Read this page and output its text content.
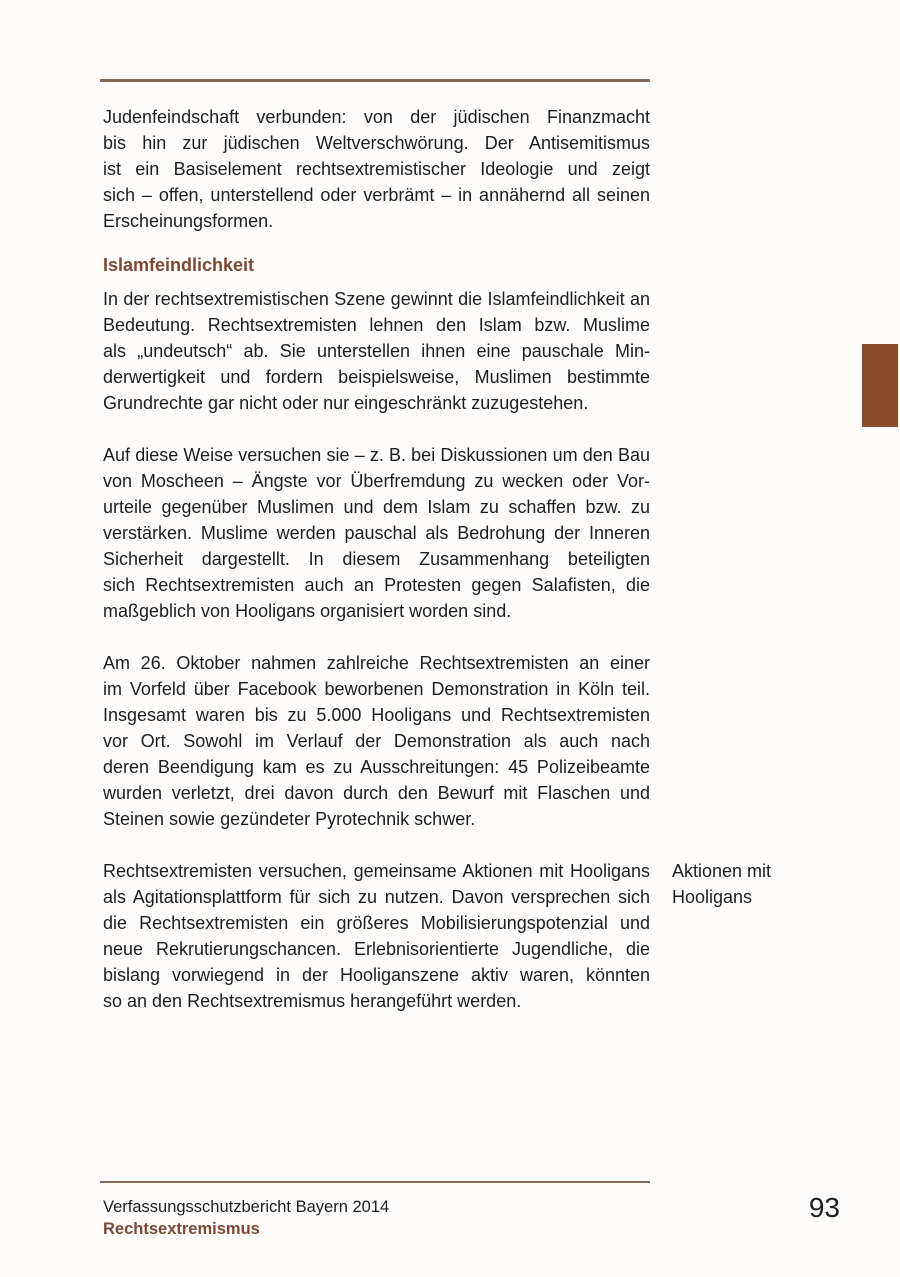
Judenfeindschaft verbunden: von der jüdischen Finanzmacht
bis hin zur jüdischen Weltverschwörung. Der Antisemitismus
ist ein Basiselement rechtsextremistischer Ideologie und zeigt
sich – offen, unterstellend oder verbrämt – in annähernd all seinen
Erscheinungsformen.
Islamfeindlichkeit
In der rechtsextremistischen Szene gewinnt die Islamfeindlichkeit an
Bedeutung. Rechtsextremisten lehnen den Islam bzw. Muslime
als „undeutsch“ ab. Sie unterstellen ihnen eine pauschale Min-
derwertigkeit und fordern beispielsweise, Muslimen bestimmte
Grundrechte gar nicht oder nur eingeschränkt zuzugestehen.
Auf diese Weise versuchen sie – z. B. bei Diskussionen um den Bau
von Moscheen – Ängste vor Überfremdung zu wecken oder Vor-
urteile gegenüber Muslimen und dem Islam zu schaffen bzw. zu
verstärken. Muslime werden pauschal als Bedrohung der Inneren
Sicherheit dargestellt. In diesem Zusammenhang beteiligten
sich Rechtsextremisten auch an Protesten gegen Salafisten, die
maßgeblich von Hooligans organisiert worden sind.
Am 26. Oktober nahmen zahlreiche Rechtsextremisten an einer
im Vorfeld über Facebook beworbenen Demonstration in Köln teil.
Insgesamt waren bis zu 5.000 Hooligans und Rechtsextremisten
vor Ort. Sowohl im Verlauf der Demonstration als auch nach
deren Beendigung kam es zu Ausschreitungen: 45 Polizeibeamte
wurden verletzt, drei davon durch den Bewurf mit Flaschen und
Steinen sowie gezündeter Pyrotechnik schwer.
Rechtsextremisten versuchen, gemeinsame Aktionen mit Hooligans
als Agitationsplattform für sich zu nutzen. Davon versprechen sich
die Rechtsextremisten ein größeres Mobilisierungspotenzial und
neue Rekrutierungschancen. Erlebnisorientierte Jugendliche, die
bislang vorwiegend in der Hooliganszene aktiv waren, könnten
so an den Rechtsextremismus herangeführt werden.
Aktionen mit
Hooligans
Verfassungsschutzbericht Bayern 2014
Rechtsextremismus
93
